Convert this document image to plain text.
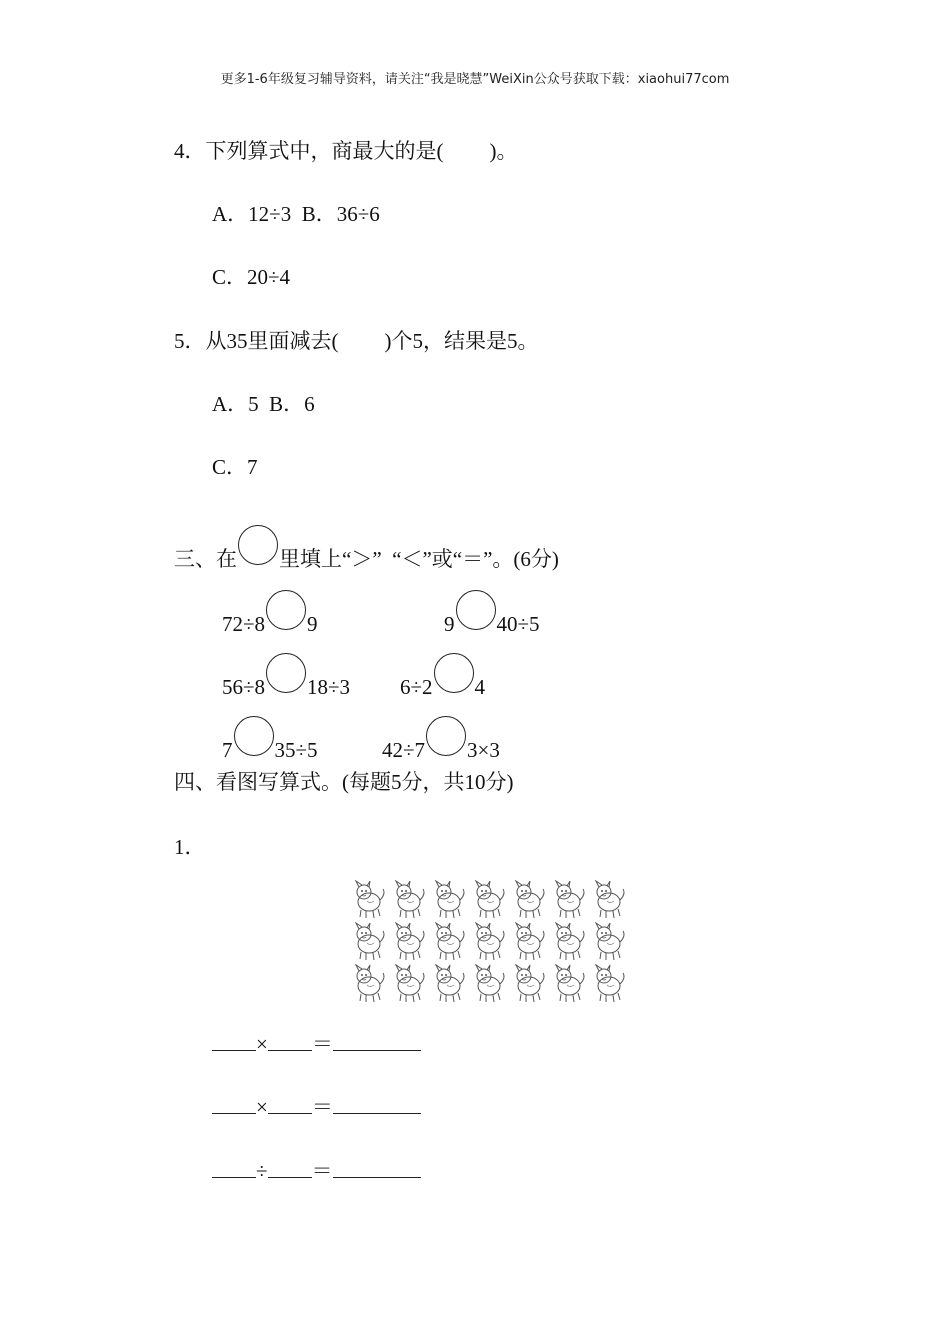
更多1-6年级复习辅导资料，请关注“我是晓慧”WeiXin公众号获取下载：xiaohui77com
4．下列算式中，商最大的是( )。
A．12÷3  B．36÷6
C．20÷4
5．从35里面减去( )个5，结果是5。
A．5  B．6
C．7
三、在 里填上“＞”  “＜”或“＝”。(6分)
72÷8 9	9 40÷5
56÷8 18÷3 6÷2 4
7 35÷5	42÷7 3×3
四、看图写算式。(每题5分，共10分)
1．
× ＝
× ＝
÷ ＝
